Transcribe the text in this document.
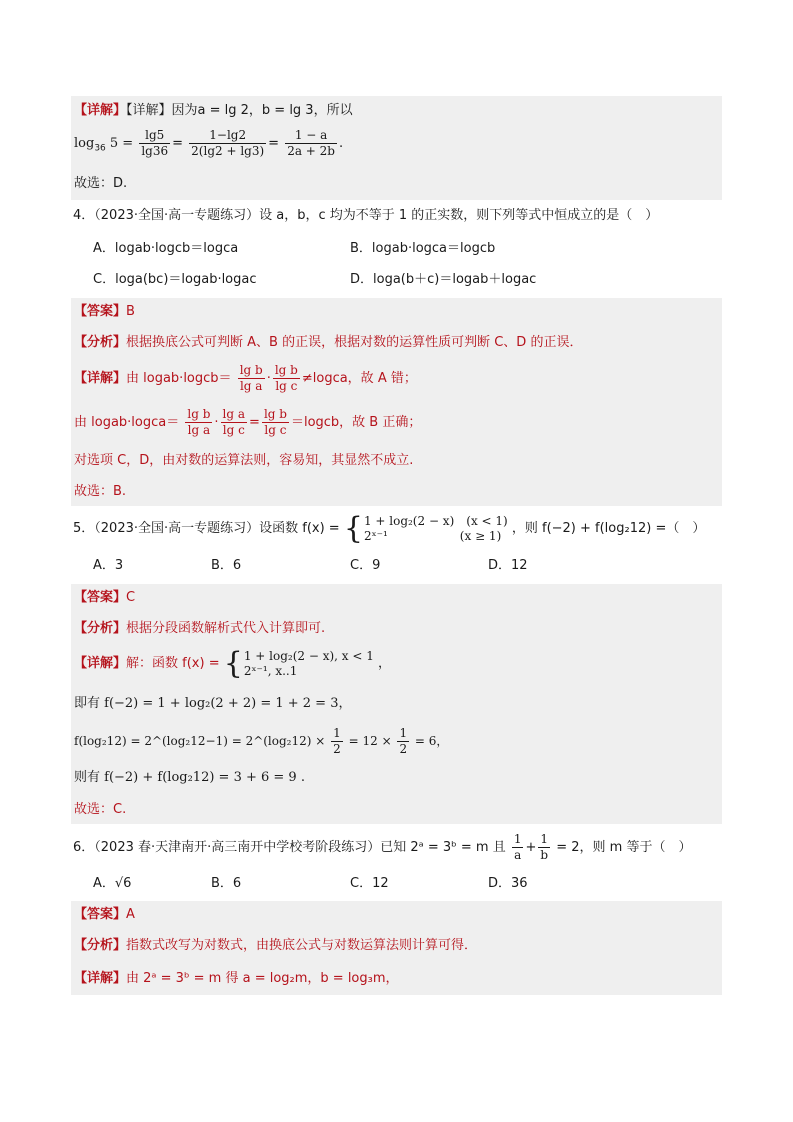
【详解】【详解】因为a = lg 2，b = lg 3，所以
$\log_{36} 5 = \frac{\lg 5}{\lg 36} = \frac{1-\lg 2}{2(\lg 2 + \lg 3)} = \frac{1 - a}{2a + 2b}$ .
故选：D.
4．（2023·全国·高一专题练习）设 a，b，c 均为不等于 1 的正实数，则下列等式中恒成立的是（　）
A．logab·logcb＝logca	B．logab·logca＝logcb
C．loga(bc)＝logab·logac	D．loga(b＋c)＝logab＋logac
【答案】B
【分析】根据换底公式可判断 A、B 的正误，根据对数的运算性质可判断 C、D 的正误．
【详解】由 logab·logcb＝ $\frac{\text{lg b}}{\text{lg a}} \cdot \frac{\text{lg b}}{\text{lg c}}$ ≠logca，故 A 错；
由 logab·logca＝ $\frac{\text{lg b}}{\text{lg a}} \cdot \frac{\text{lg a}}{\text{lg c}} = \frac{\text{lg b}}{\text{lg c}}$ ＝logcb，故 B 正确；
对选项 C，D，由对数的运算法则，容易知，其显然不成立.
故选：B.
5．（2023·全国·高一专题练习）设函数 f(x) = { 1 + log₂(2 − x)　(x < 1)
2ˣ⁻¹　　　　　　(x ≥ 1) ，则 f(−2) + f(log₂12) =（　）
A．3	B．6	C．9	D．12
【答案】C
【分析】根据分段函数解析式代入计算即可.
【详解】解：函数 f(x) = { 1 + log₂(2 − x), x < 1
2ˣ⁻¹, x..1	，
即有 f(−2) = 1 + log₂(2 + 2) = 1 + 2 = 3，
f(log₂12) = 2^(log₂12−1) = 2^(log₂12) × $\frac{1}{2} = 12 \times \frac{1}{2} = 6$，
则有 f(−2) + f(log₂12) = 3 + 6 = 9 .
故选：C.
6．（2023 春·天津南开·高三南开中学校考阶段练习）已知 2ᵃ = 3ᵇ = m 且 $\frac{1}{a} + \frac{1}{b} = 2$，则 m 等于（　）
A．√6	B．6	C．12	D．36
【答案】A
【分析】指数式改写为对数式，由换底公式与对数运算法则计算可得．
【详解】由 2ᵃ = 3ᵇ = m 得 a = log₂m，b = log₃m，
